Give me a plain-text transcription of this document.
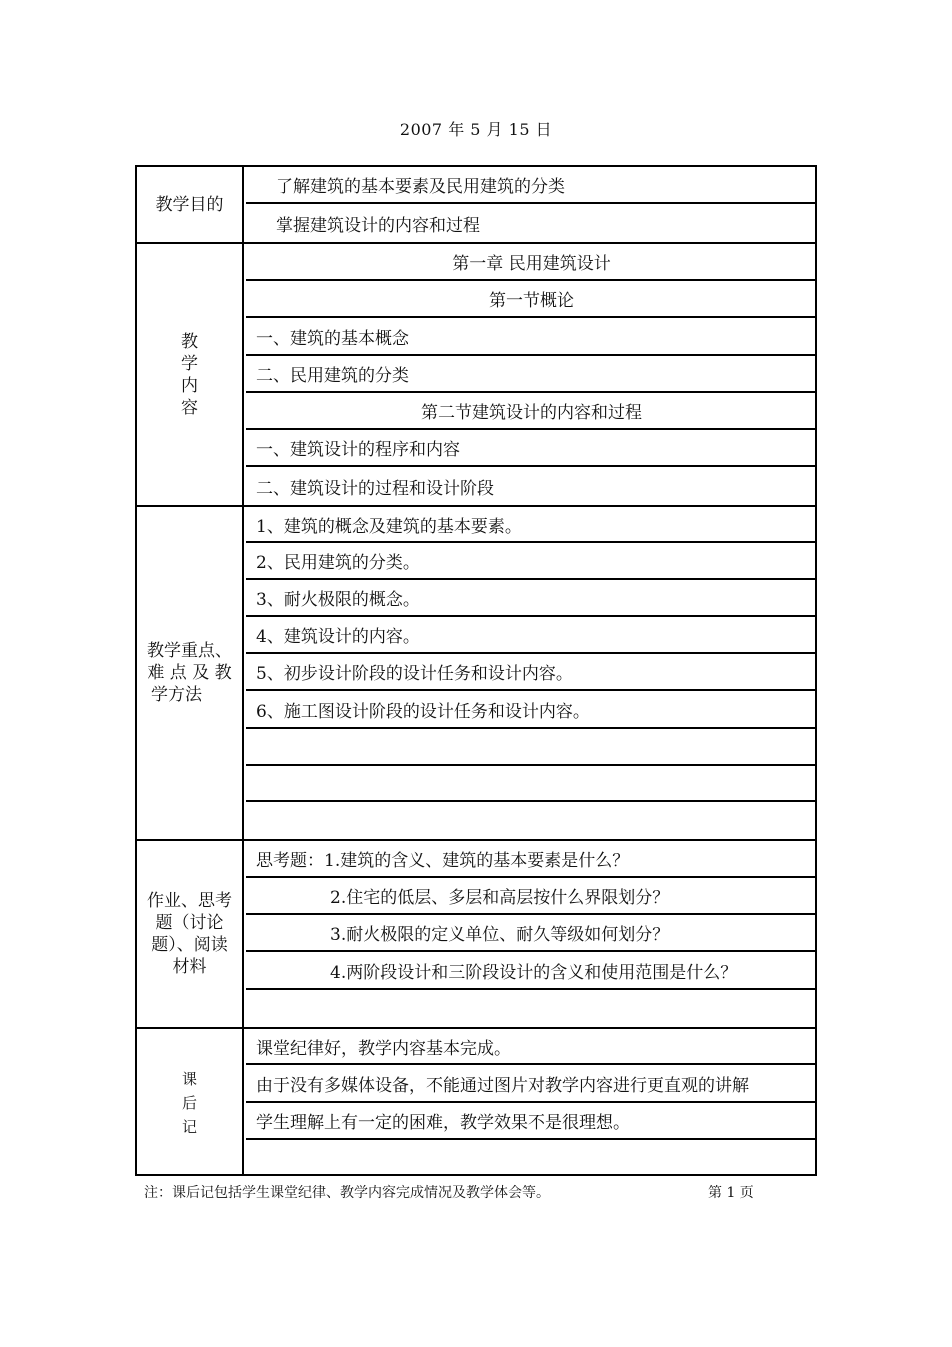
2007 年 5 月 15 日
教学目的
了解建筑的基本要素及民用建筑的分类
掌握建筑设计的内容和过程
教
学
内
容
第一章 民用建筑设计
第一节概论
一、建筑的基本概念
二、民用建筑的分类
第二节建筑设计的内容和过程
一、建筑设计的程序和内容
二、建筑设计的过程和设计阶段
教学重点、
难 点 及 教
学方法
1、建筑的概念及建筑的基本要素。
2、民用建筑的分类。
3、耐火极限的概念。
4、建筑设计的内容。
5、初步设计阶段的设计任务和设计内容。
6、施工图设计阶段的设计任务和设计内容。
作业、思考
题（讨论
题）、阅读
材料
思考题：1.建筑的含义、建筑的基本要素是什么？
2.住宅的低层、多层和高层按什么界限划分？
3.耐火极限的定义单位、耐久等级如何划分？
4.两阶段设计和三阶段设计的含义和使用范围是什么？
课
后
记
课堂纪律好，教学内容基本完成。
由于没有多媒体设备，不能通过图片对教学内容进行更直观的讲解
学生理解上有一定的困难，教学效果不是很理想。
注：课后记包括学生课堂纪律、教学内容完成情况及教学体会等。	第 1 页
